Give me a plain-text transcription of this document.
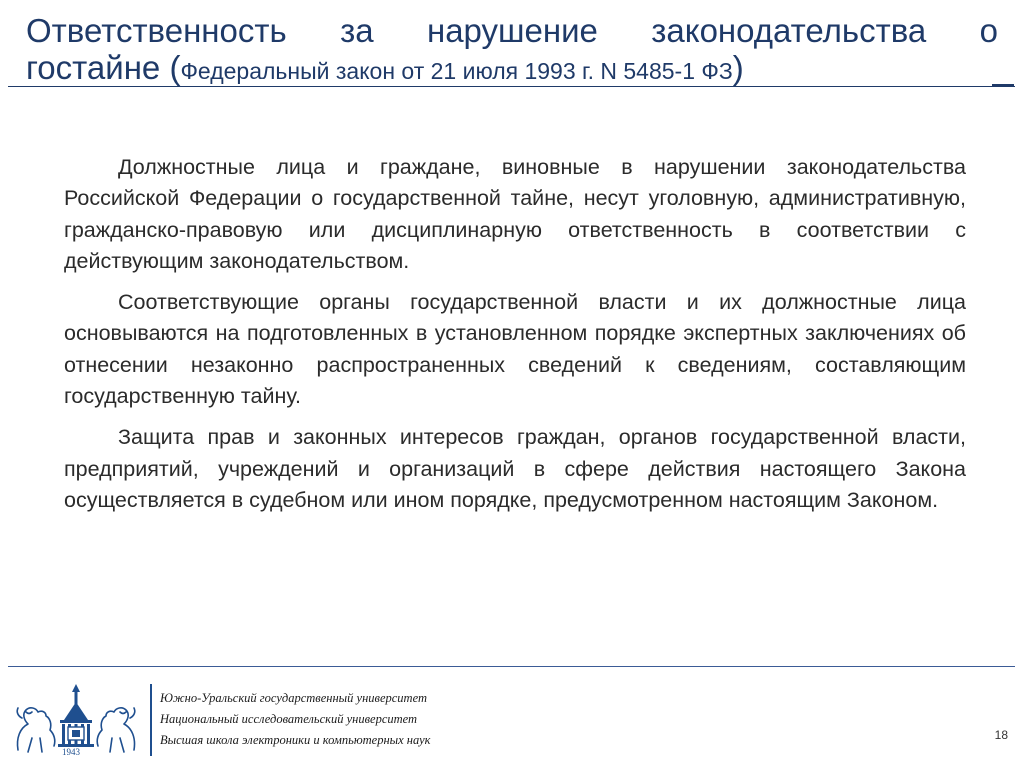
Ответственность за нарушение законодательства о
гостайне (Федеральный закон от 21 июля 1993 г. N 5485-1 ФЗ)

Должностные лица и граждане, виновные в нарушении законодательства Российской Федерации о государственной тайне, несут уголовную, административную, гражданско-правовую или дисциплинарную ответственность в соответствии с действующим законодательством.

Соответствующие органы государственной власти и их должностные лица основываются на подготовленных в установленном порядке экспертных заключениях об отнесении незаконно распространенных сведений к сведениям, составляющим государственную тайну.

Защита прав и законных интересов граждан, органов государственной власти, предприятий, учреждений и организаций в сфере действия настоящего Закона осуществляется в судебном или ином порядке, предусмотренном настоящим Законом.

1943
Южно-Уральский государственный университет
Национальный исследовательский университет
Высшая школа электроники и компьютерных наук	18
